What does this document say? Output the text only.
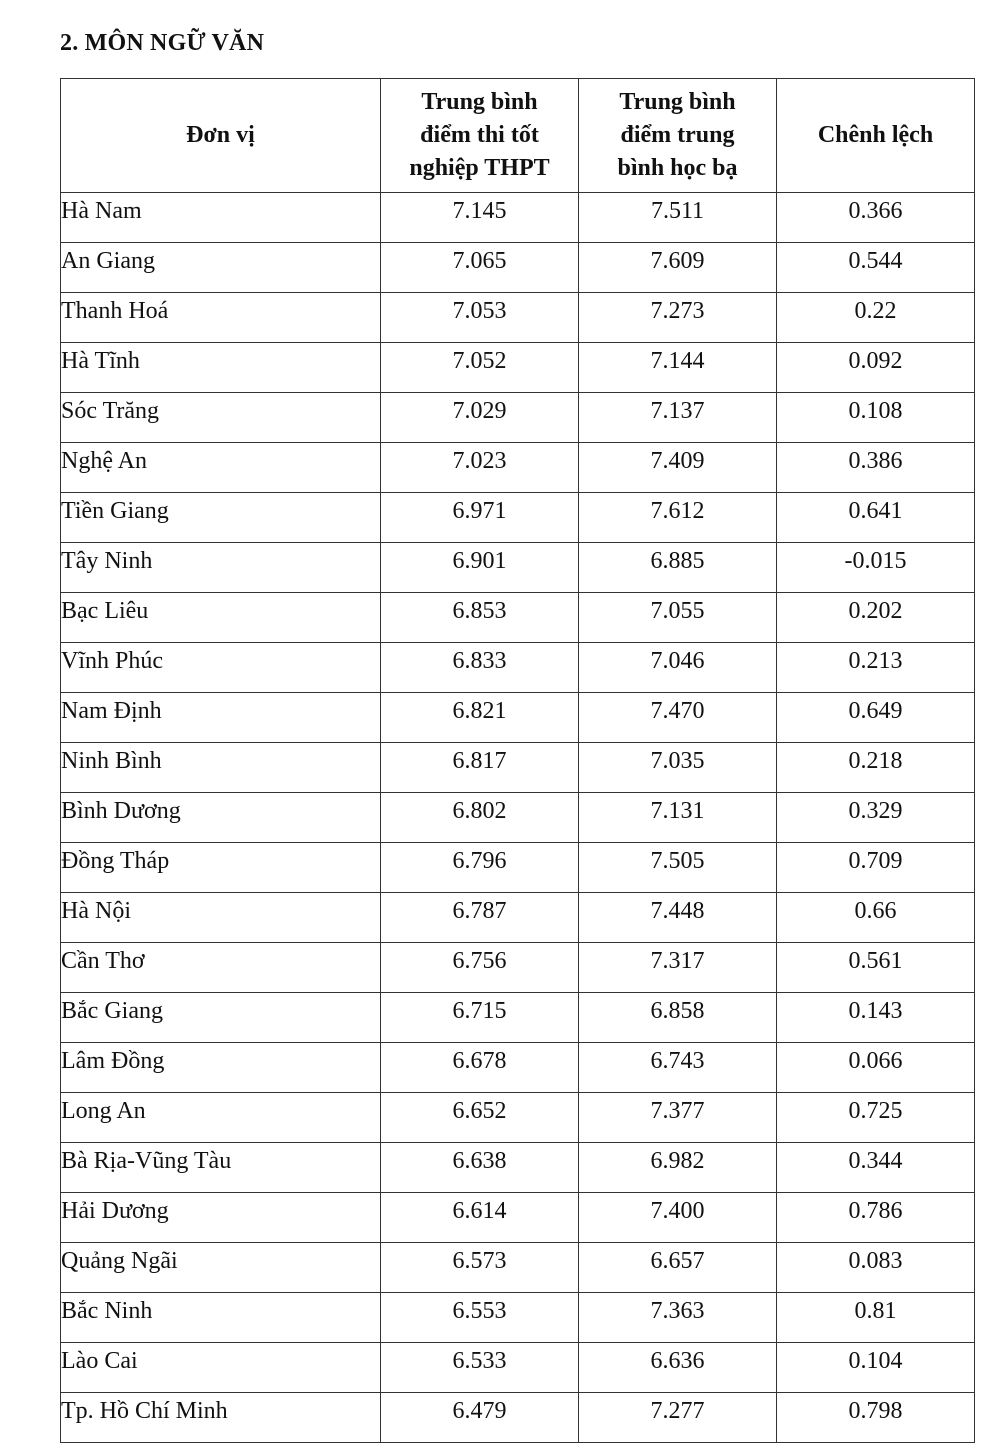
2. MÔN NGỮ VĂN
Đơn vị	Trung bình điểm thi tốt nghiệp THPT	Trung bình điểm trung bình học bạ	Chênh lệch

Hà Nam	7.145	7.511	0.366
An Giang	7.065	7.609	0.544
Thanh Hoá	7.053	7.273	0.22
Hà Tĩnh	7.052	7.144	0.092
Sóc Trăng	7.029	7.137	0.108
Nghệ An	7.023	7.409	0.386
Tiền Giang	6.971	7.612	0.641
Tây Ninh	6.901	6.885	-0.015
Bạc Liêu	6.853	7.055	0.202
Vĩnh Phúc	6.833	7.046	0.213
Nam Định	6.821	7.470	0.649
Ninh Bình	6.817	7.035	0.218
Bình Dương	6.802	7.131	0.329
Đồng Tháp	6.796	7.505	0.709
Hà Nội	6.787	7.448	0.66
Cần Thơ	6.756	7.317	0.561
Bắc Giang	6.715	6.858	0.143
Lâm Đồng	6.678	6.743	0.066
Long An	6.652	7.377	0.725
Bà Rịa-Vũng Tàu	6.638	6.982	0.344
Hải Dương	6.614	7.400	0.786
Quảng Ngãi	6.573	6.657	0.083
Bắc Ninh	6.553	7.363	0.81
Lào Cai	6.533	6.636	0.104
Tp. Hồ Chí Minh	6.479	7.277	0.798
